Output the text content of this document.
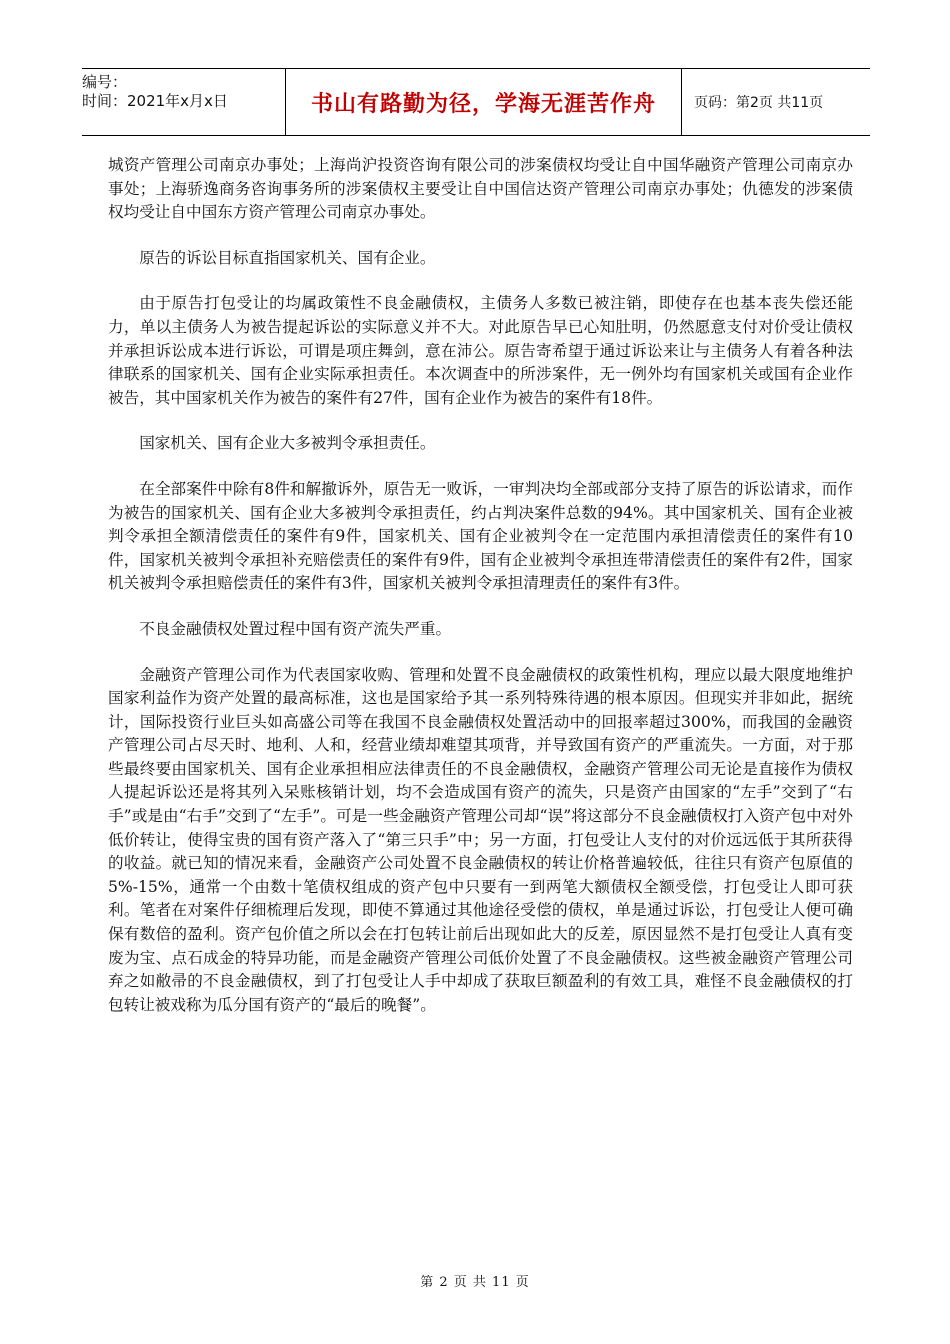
编号：
时间：2021年x月x日	书山有路勤为径，学海无涯苦作舟	页码：第2页 共11页

城资产管理公司南京办事处；上海尚沪投资咨询有限公司的涉案债权均受让自中国华融资产管理公司南京办事处；上海骄逸商务咨询事务所的涉案债权主要受让自中国信达资产管理公司南京办事处；仇德发的涉案债权均受让自中国东方资产管理公司南京办事处。

原告的诉讼目标直指国家机关、国有企业。

由于原告打包受让的均属政策性不良金融债权，主债务人多数已被注销，即使存在也基本丧失偿还能力，单以主债务人为被告提起诉讼的实际意义并不大。对此原告早已心知肚明，仍然愿意支付对价受让债权并承担诉讼成本进行诉讼，可谓是项庄舞剑，意在沛公。原告寄希望于通过诉讼来让与主债务人有着各种法律联系的国家机关、国有企业实际承担责任。本次调查中的所涉案件，无一例外均有国家机关或国有企业作被告，其中国家机关作为被告的案件有27件，国有企业作为被告的案件有18件。

国家机关、国有企业大多被判令承担责任。

在全部案件中除有8件和解撤诉外，原告无一败诉，一审判决均全部或部分支持了原告的诉讼请求，而作为被告的国家机关、国有企业大多被判令承担责任，约占判决案件总数的94%。其中国家机关、国有企业被判令承担全额清偿责任的案件有9件，国家机关、国有企业被判令在一定范围内承担清偿责任的案件有10件，国家机关被判令承担补充赔偿责任的案件有9件，国有企业被判令承担连带清偿责任的案件有2件，国家机关被判令承担赔偿责任的案件有3件，国家机关被判令承担清理责任的案件有3件。

不良金融债权处置过程中国有资产流失严重。

金融资产管理公司作为代表国家收购、管理和处置不良金融债权的政策性机构，理应以最大限度地维护国家利益作为资产处置的最高标准，这也是国家给予其一系列特殊待遇的根本原因。但现实并非如此，据统计，国际投资行业巨头如高盛公司等在我国不良金融债权处置活动中的回报率超过300%，而我国的金融资产管理公司占尽天时、地利、人和，经营业绩却难望其项背，并导致国有资产的严重流失。一方面，对于那些最终要由国家机关、国有企业承担相应法律责任的不良金融债权，金融资产管理公司无论是直接作为债权人提起诉讼还是将其列入呆账核销计划，均不会造成国有资产的流失，只是资产由国家的“左手”交到了“右手”或是由“右手”交到了“左手”。可是一些金融资产管理公司却“误”将这部分不良金融债权打入资产包中对外低价转让，使得宝贵的国有资产落入了“第三只手”中；另一方面，打包受让人支付的对价远远低于其所获得的收益。就已知的情况来看，金融资产公司处置不良金融债权的转让价格普遍较低，往往只有资产包原值的5%-15%，通常一个由数十笔债权组成的资产包中只要有一到两笔大额债权全额受偿，打包受让人即可获利。笔者在对案件仔细梳理后发现，即使不算通过其他途径受偿的债权，单是通过诉讼，打包受让人便可确保有数倍的盈利。资产包价值之所以会在打包转让前后出现如此大的反差，原因显然不是打包受让人真有变废为宝、点石成金的特异功能，而是金融资产管理公司低价处置了不良金融债权。这些被金融资产管理公司弃之如敝帚的不良金融债权，到了打包受让人手中却成了获取巨额盈利的有效工具，难怪不良金融债权的打包转让被戏称为瓜分国有资产的“最后的晚餐”。

第 2 页 共 11 页
